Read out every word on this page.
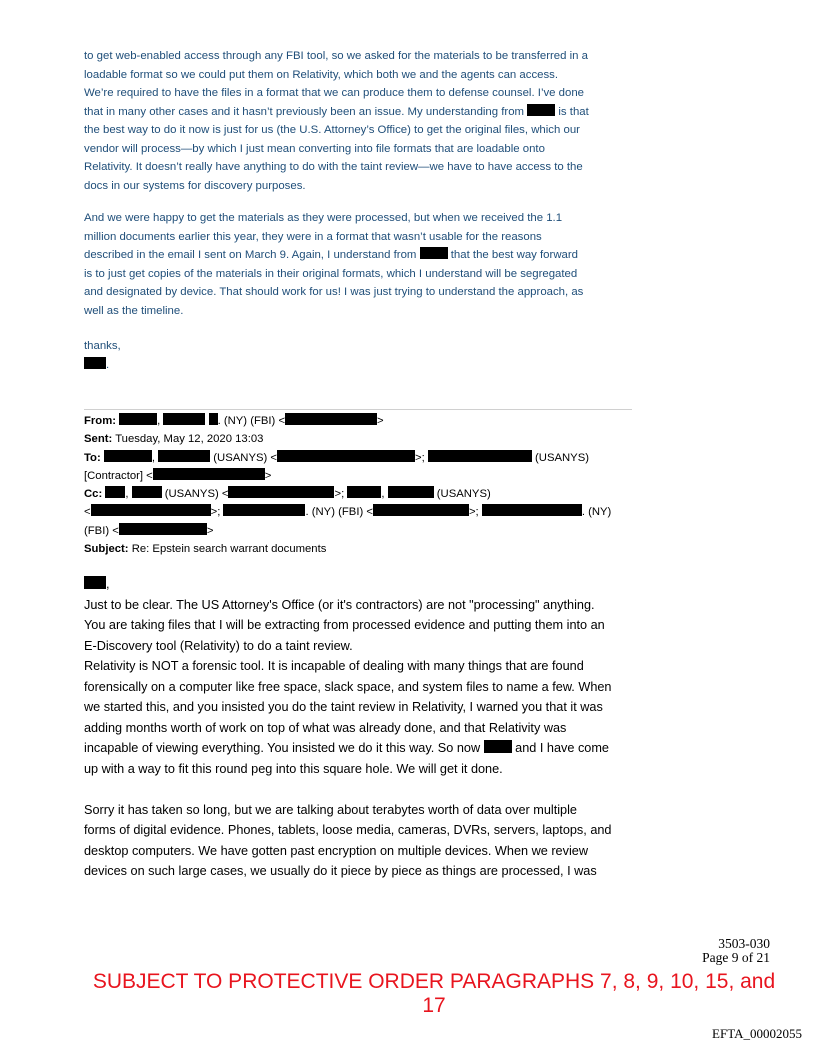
to get web-enabled access through any FBI tool, so we asked for the materials to be transferred in a
loadable format so we could put them on Relativity, which both we and the agents can access.
We’re required to have the files in a format that we can produce them to defense counsel. I’ve done
that in many other cases and it hasn’t previously been an issue. My understanding from  is that
the best way to do it now is just for us (the U.S. Attorney’s Office) to get the original files, which our
vendor will process—by which I just mean converting into file formats that are loadable onto
Relativity. It doesn’t really have anything to do with the taint review—we have to have access to the
docs in our systems for discovery purposes.
And we were happy to get the materials as they were processed, but when we received the 1.1
million documents earlier this year, they were in a format that wasn’t usable for the reasons
described in the email I sent on March 9. Again, I understand from  that the best way forward
is to just get copies of the materials in their original formats, which I understand will be segregated
and designated by device. That should work for us! I was just trying to understand the approach, as
well as the timeline.
thanks,
.
From:	,	. (NY) (FBI) <	>
Sent: Tuesday, May 12, 2020 13:03
To:	,	(USANYS) <	>;	(USANYS)
[Contractor] <	>
Cc: ,	(USANYS) <	>;	,	(USANYS)
<	>;	. (NY) (FBI) <	>;	. (NY)
(FBI) <	>
Subject: Re: Epstein search warrant documents
,
Just to be clear. The US Attorney's Office (or it's contractors) are not "processing" anything.
You are taking files that I will be extracting from processed evidence and putting them into an
E-Discovery tool (Relativity) to do a taint review.
Relativity is NOT a forensic tool. It is incapable of dealing with many things that are found
forensically on a computer like free space, slack space, and system files to name a few. When
we started this, and you insisted you do the taint review in Relativity, I warned you that it was
adding months worth of work on top of what was already done, and that Relativity was
incapable of viewing everything. You insisted we do it this way. So now  and I have come
up with a way to fit this round peg into this square hole. We will get it done.
Sorry it has taken so long, but we are talking about terabytes worth of data over multiple
forms of digital evidence. Phones, tablets, loose media, cameras, DVRs, servers, laptops, and
desktop computers. We have gotten past encryption on multiple devices. When we review
devices on such large cases, we usually do it piece by piece as things are processed, I was
3503-030
Page 9 of 21
SUBJECT TO PROTECTIVE ORDER PARAGRAPHS 7, 8, 9, 10, 15, and 17
EFTA_00002055
